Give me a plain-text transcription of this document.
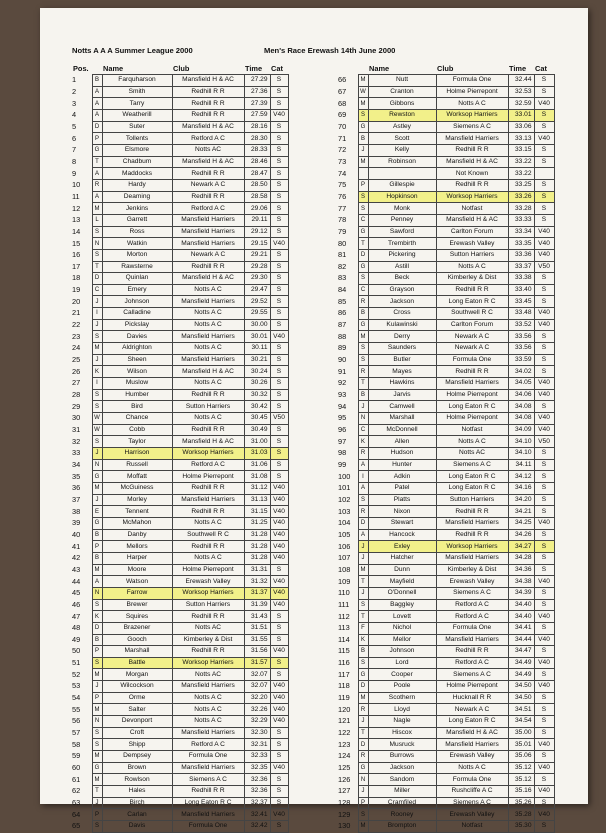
Notts A A A Summer League 2000	Men's Race Erewash 14th June 2000
Pos.		Name	Club	Time	Cat
1	B	Farquharson	Mansfield H & AC	27.29	S
2	A	Smith	Redhill R R	27.36	S
3	A	Tarry	Redhill R R	27.39	S
4	A	Weatherill	Redhill R R	27.59	V40
5	D	Suter	Mansfield H & AC	28.16	S
6	P	Tollents	Retford A C	28.30	S
7	G	Elsmore	Notts AC	28.33	S
8	T	Chadbum	Mansfield H & AC	28.46	S
9	A	Maddocks	Redhill R R	28.47	S
10	R	Hardy	Newark A C	28.50	S
11	A	Deaming	Redhill R R	28.58	S
12	M	Jenkins	Retford A C	29.06	S
13	L	Garrett	Mansfield Harriers	29.11	S
14	S	Ross	Mansfield Harriers	29.12	S
15	N	Watkin	Mansfield Harriers	29.15	V40
16	S	Morton	Newark A C	29.21	S
17	T	Rawsterne	Redhill R R	29.28	S
18	D	Quinlan	Mansfield H & AC	29.30	S
19	C	Emery	Notts A C	29.47	S
20	J	Johnson	Mansfield Harriers	29.52	S
21	I	Calladine	Notts A C	29.55	S
22	J	Pickslay	Notts A C	30.00	S
23	S	Davies	Mansfield Harriers	30.01	V40
24	M	Aldrighton	Notts A C	30.11	S
25	J	Sheen	Mansfield Harriers	30.21	S
26	K	Wilson	Mansfield H & AC	30.24	S
27	I	Muslow	Notts A C	30.26	S
28	S	Humber	Redhill R R	30.32	S
29	S	Bird	Sutton Harriers	30.42	S
30	W	Chance	Notts A C	30.45	V50
31	W	Cobb	Redhill R R	30.49	S
32	S	Taylor	Mansfield H & AC	31.00	S
33	J	Harrison	Worksop Harriers	31.03	S
34	N	Russell	Retford A C	31.06	S
35	G	Moffatt	Holme Pierrepont	31.08	S
36	M	McGuiness	Redhill R R	31.12	V40
37	J	Morley	Mansfield Harriers	31.13	V40
38	E	Tennent	Redhill R R	31.15	V40
39	G	McMahon	Notts A C	31.25	V40
40	B	Danby	Southwell R C	31.28	V40
41	P	Mellors	Redhill R R	31.28	V40
42	B	Harper	Notts A C	31.28	V40
43	M	Moore	Holme Pierrepont	31.31	S
44	A	Watson	Erewash Valley	31.32	V40
45	N	Farrow	Worksop Harriers	31.37	V40
46	S	Brewer	Sutton Harriers	31.39	V40
47	K	Squires	Redhill R R	31.43	S
48	D	Brazener	Notts AC	31.51	S
49	B	Gooch	Kimberley & Dist	31.55	S
50	P	Marshall	Redhill R R	31.56	V40
51	S	Battle	Worksop Harriers	31.57	S
52	M	Morgan	Notts AC	32.07	S
53	J	Wilcockson	Mansfield Harriers	32.07	V40
54	P	Orme	Notts A C	32.20	V40
55	M	Salter	Notts A C	32.26	V40
56	N	Devonport	Notts A C	32.29	V40
57	S	Croft	Mansfield Harriers	32.30	S
58	S	Shipp	Retford A C	32.31	S
59	M	Dempsey	Formula One	32.33	S
60	G	Brown	Mansfield Harriers	32.35	V40
61	M	Rowlson	Siemens A C	32.36	S
62	T	Hales	Redhill R R	32.36	S
63	J	Birch	Long Eaton R C	32.37	S
64	P	Carlan	Mansfield Harriers	32.41	V40
65	S	Davis	Formula One	32.42	S
		Name	Club	Time	Cat
66	M	Nutt	Formula One	32.44	S
67	W	Cranton	Holme Pierrepont	32.53	S
68	M	Gibbons	Notts A C	32.59	V40
69	S	Rewston	Worksop Harriers	33.01	S
70	G	Astley	Siemens A C	33.06	S
71	B	Scott	Mansfield Harriers	33.13	V40
72	J	Kelly	Redhill R R	33.15	S
73	M	Robinson	Mansfield H & AC	33.22	S
74			Not Known	33.22	
75	P	Gillespie	Redhill R R	33.25	S
76	S	Hopkinson	Worksop Harriers	33.26	S
77	S	Monk	Notfast	33.28	S
78	C	Penney	Mansfield H & AC	33.33	S
79	G	Sawford	Carlton Forum	33.34	V40
80	T	Trembirth	Erewash Valley	33.35	V40
81	D	Pickering	Sutton Harriers	33.36	V40
82	G	Astill	Notts A C	33.37	V50
83	S	Beck	Kimberley & Dist	33.38	S
84	C	Grayson	Redhill R R	33.40	S
85	R	Jackson	Long Eaton R C	33.45	S
86	B	Cross	Southwell R C	33.48	V40
87	G	Kulawinski	Carlton Forum	33.52	V40
88	M	Derry	Newark A C	33.56	S
89	S	Saunders	Newark A C	33.56	S
90	S	Butler	Formula One	33.59	S
91	R	Mayes	Redhill R R	34.02	S
92	T	Hawkins	Mansfield Harriers	34.05	V40
93	B	Jarvis	Holme Pierrepont	34.06	V40
94	J	Camwell	Long Eaton R C	34.08	S
95	N	Marshall	Holme Pierrepont	34.08	V40
96	C	McDonnell	Notfast	34.09	V40
97	K	Allen	Notts A C	34.10	V50
98	R	Hudson	Notts AC	34.10	S
99	A	Hunter	Siemens A C	34.11	S
100	I	Adkin	Long Eaton R C	34.12	S
101	A	Patel	Long Eaton R C	34.16	S
102	S	Platts	Sutton Harriers	34.20	S
103	R	Nixon	Redhill R R	34.21	S
104	D	Stewart	Mansfield Harriers	34.25	V40
105	A	Hancock	Redhill R R	34.26	S
106	J	Exley	Worksop Harriers	34.27	S
107	J	Hatcher	Mansfield Harriers	34.28	S
108	M	Dunn	Kimberley & Dist	34.36	S
109	T	Mayfield	Erewash Valley	34.38	V40
110	J	O'Donnell	Siemens A C	34.39	S
111	S	Baggley	Retford A C	34.40	S
112	T	Lovett	Retford A C	34.40	V40
113	F	Nichol	Formula One	34.41	S
114	K	Mellor	Mansfield Harriers	34.44	V40
115	B	Johnson	Redhill R R	34.47	S
116	S	Lord	Retford A C	34.49	V40
117	G	Cooper	Siemens A C	34.49	S
118	D	Poole	Holme Pierrepont	34.50	V40
119	M	Scothern	Hucknall R R	34.50	S
120	R	Lloyd	Newark A C	34.51	S
121	J	Nagle	Long Eaton R C	34.54	S
122	T	Hiscox	Mansfield H & AC	35.00	S
123	D	Musruck	Mansfield Harriers	35.01	V40
124	R	Burrows	Erewash Valley	35.06	S
125	G	Jackson	Notts A C	35.12	V40
126	N	Sandom	Formula One	35.12	S
127	J	Miller	Rushcliffe A C	35.16	V40
128	P	Cramfiled	Siemens A C	35.26	S
129	S	Rooney	Erewash Valley	35.28	V40
130	M	Brompton	Notfast	35.30	S
